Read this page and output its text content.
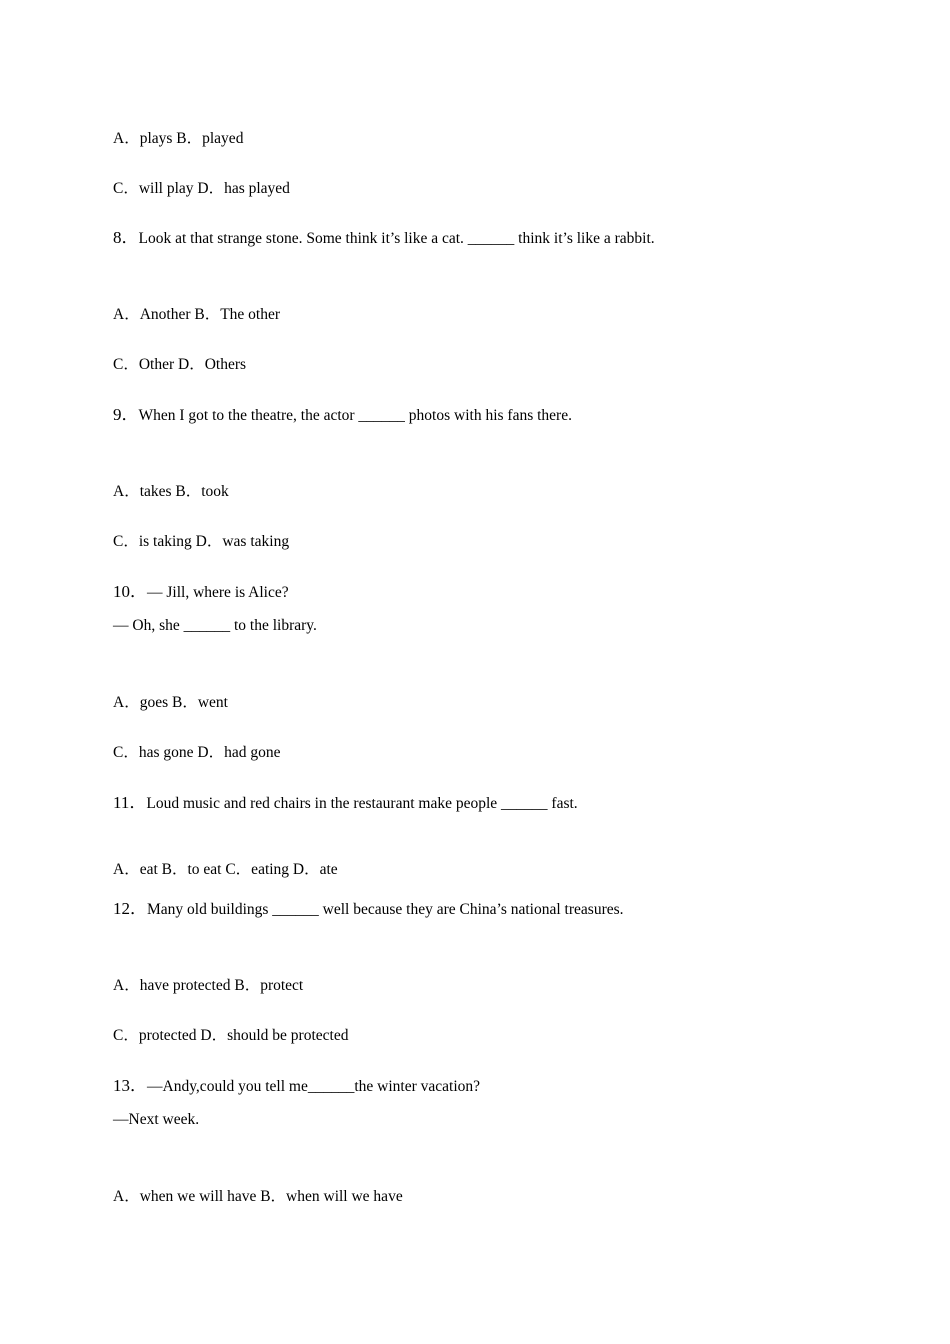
A．plays B．played
C．will play D．has played
8．Look at that strange stone. Some think it’s like a cat. ______ think it’s like a rabbit.
A．Another B．The other
C．Other D．Others
9．When I got to the theatre, the actor ______ photos with his fans there.
A．takes B．took
C．is taking D．was taking
10．— Jill, where is Alice?
— Oh, she ______ to the library.
A．goes B．went
C．has gone D．had gone
11．Loud music and red chairs in the restaurant make people ______ fast.
A．eat B．to eat C．eating D．ate
12．Many old buildings ______ well because they are China’s national treasures.
A．have protected B．protect
C．protected D．should be protected
13．—Andy,could you tell me______the winter vacation?
—Next week.
A．when we will have B．when will we have
